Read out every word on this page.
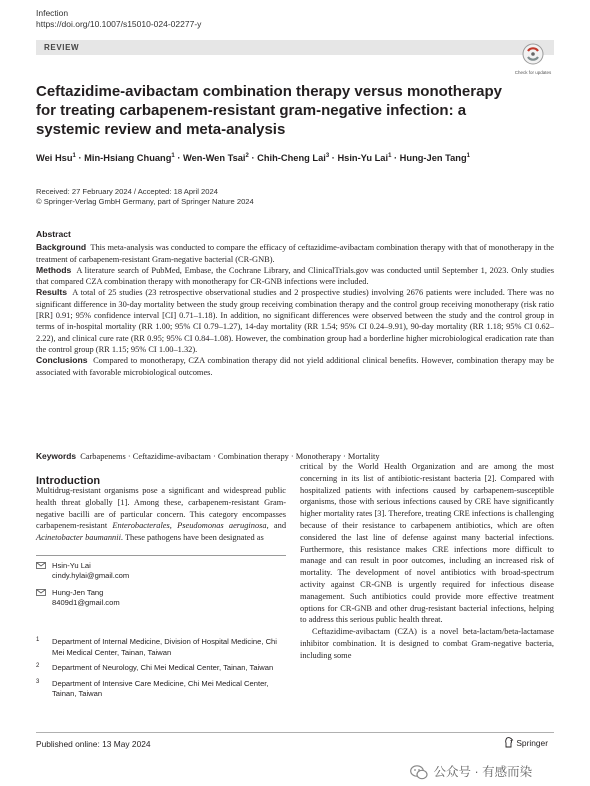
Infection
https://doi.org/10.1007/s15010-024-02277-y
REVIEW
Check for updates
Ceftazidime-avibactam combination therapy versus monotherapy for treating carbapenem-resistant gram-negative infection: a systemic review and meta-analysis
Wei Hsu$^1$ · Min-Hsiang Chuang$^1$ · Wen-Wen Tsai$^2$ · Chih-Cheng Lai$^3$ · Hsin-Yu Lai$^1$ · Hung-Jen Tang$^1$
Received: 27 February 2024 / Accepted: 18 April 2024
© Springer-Verlag GmbH Germany, part of Springer Nature 2024
Abstract

Background This meta-analysis was conducted to compare the efficacy of ceftazidime-avibactam combination therapy with that of monotherapy in the treatment of carbapenem-resistant Gram-negative bacterial (CR-GNB).

Methods A literature search of PubMed, Embase, the Cochrane Library, and ClinicalTrials.gov was conducted until September 1, 2023. Only studies that compared CZA combination therapy with monotherapy for CR-GNB infections were included.

Results A total of 25 studies (23 retrospective observational studies and 2 prospective studies) involving 2676 patients were included. There was no significant difference in 30-day mortality between the study group receiving combination therapy and the control group receiving monotherapy (risk ratio [RR] 0.91; 95% confidence interval [CI] 0.71–1.18). In addition, no significant differences were observed between the study and the control group in terms of in-hospital mortality (RR 1.00; 95% CI 0.79–1.27), 14-day mortality (RR 1.54; 95% CI 0.24–9.91), 90-day mortality (RR 1.18; 95% CI 0.62–2.22), and clinical cure rate (RR 0.95; 95% CI 0.84–1.08). However, the combination group had a borderline higher microbiological eradication rate than the control group (RR 1.15; 95% CI 1.00–1.32).

Conclusions Compared to monotherapy, CZA combination therapy did not yield additional clinical benefits. However, combination therapy may be associated with favorable microbiological outcomes.

Keywords Carbapenems · Ceftazidime-avibactam · Combination therapy · Monotherapy · Mortality
Introduction

Multidrug-resistant organisms pose a significant and widespread public health threat globally [1]. Among these, carbapenem-resistant Gram-negative bacilli are of particular concern. This category encompasses carbapenem-resistant Enterobacterales, Pseudomonas aeruginosa, and Acinetobacter baumannii. These pathogens have been designated as

critical by the World Health Organization and are among the most concerning in its list of antibiotic-resistant bacteria [2]. Compared with hospitalized patients with infections caused by carbapenem-susceptible organisms, those with serious infections caused by CRE have significantly higher mortality rates [3]. Therefore, treating CRE infections is challenging because of their resistance to carbapenem antibiotics, which are often considered the last line of defense against many bacterial infections. Furthermore, this resistance makes CRE infections more difficult to manage and can result in poor outcomes, including an increased risk of mortality. The development of novel antibiotics with broad-spectrum activity against CR-GNB is urgently required for infectious disease management. Such antibiotics could provide more effective treatment options for CR-GNB and other drug-resistant bacterial infections, helping to address this serious public health threat.

Ceftazidime-avibactam (CZA) is a novel beta-lactam/beta-lactamase inhibitor combination. It is designed to combat Gram-negative bacteria, including some

Hsin-Yu Lai
cindy.hylai@gmail.com
Hung-Jen Tang
8409d1@gmail.com
1 Department of Internal Medicine, Division of Hospital Medicine, Chi Mei Medical Center, Tainan, Taiwan
2 Department of Neurology, Chi Mei Medical Center, Tainan, Taiwan
3 Department of Intensive Care Medicine, Chi Mei Medical Center, Tainan, Taiwan
Published online: 13 May 2024	Springer
公众号 · 有感而染
